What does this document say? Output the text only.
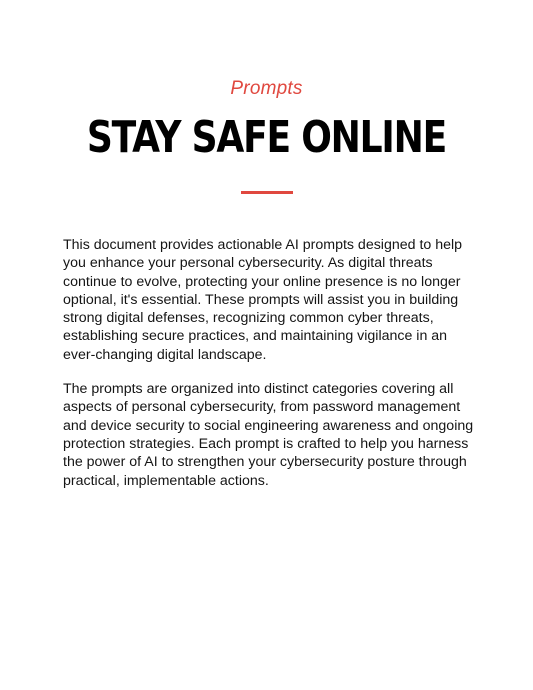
Prompts
STAY SAFE ONLINE

This document provides actionable AI prompts designed to help you enhance your personal cybersecurity. As digital threats continue to evolve, protecting your online presence is no longer optional, it's essential. These prompts will assist you in building strong digital defenses, recognizing common cyber threats, establishing secure practices, and maintaining vigilance in an ever-changing digital landscape.

The prompts are organized into distinct categories covering all aspects of personal cybersecurity, from password management and device security to social engineering awareness and ongoing protection strategies. Each prompt is crafted to help you harness the power of AI to strengthen your cybersecurity posture through practical, implementable actions.
